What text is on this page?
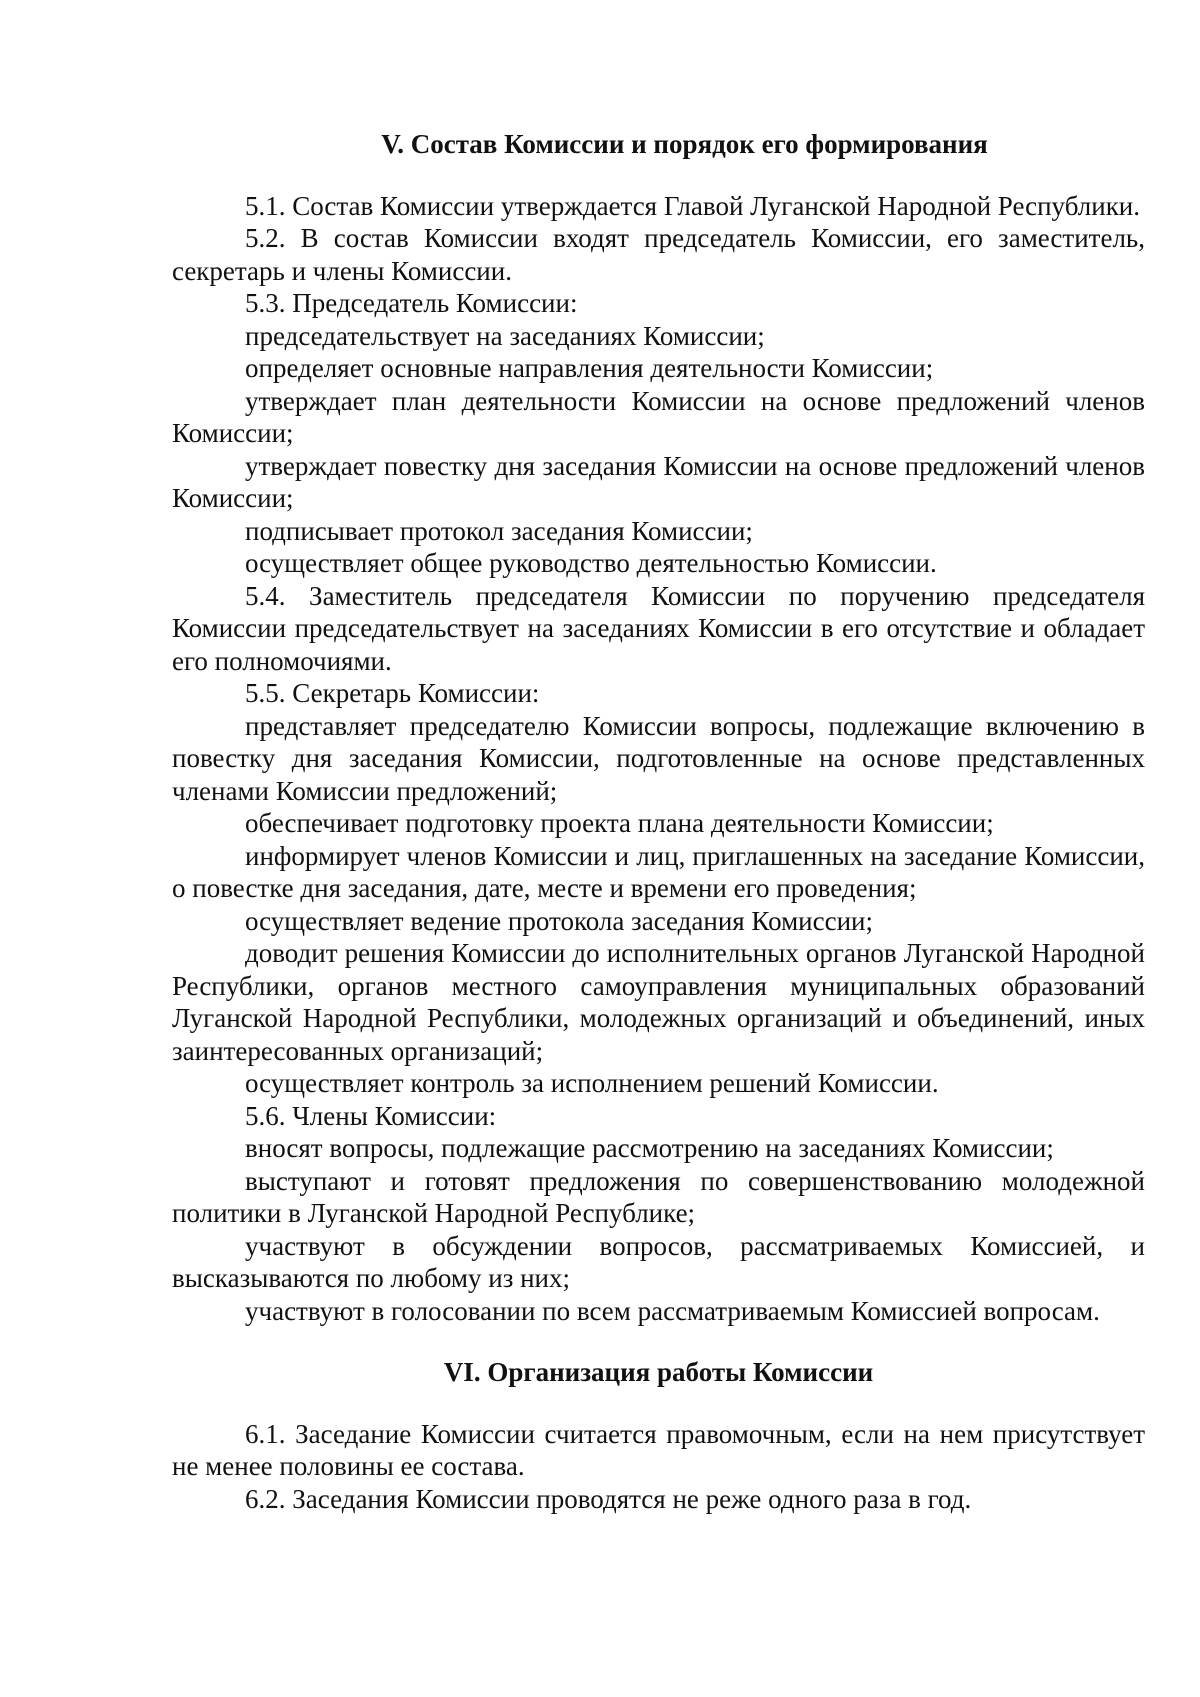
V. Состав Комиссии и порядок его формирования

5.1. Состав Комиссии утверждается Главой Луганской Народной Республики.

5.2. В состав Комиссии входят председатель Комиссии, его заместитель, секретарь и члены Комиссии.

5.3. Председатель Комиссии:

председательствует на заседаниях Комиссии;

определяет основные направления деятельности Комиссии;

утверждает план деятельности Комиссии на основе предложений членов Комиссии;

утверждает повестку дня заседания Комиссии на основе предложений членов Комиссии;

подписывает протокол заседания Комиссии;

осуществляет общее руководство деятельностью Комиссии.

5.4. Заместитель председателя Комиссии по поручению председателя Комиссии председательствует на заседаниях Комиссии в его отсутствие и обладает его полномочиями.

5.5. Секретарь Комиссии:

представляет председателю Комиссии вопросы, подлежащие включению в повестку дня заседания Комиссии, подготовленные на основе представленных членами Комиссии предложений;

обеспечивает подготовку проекта плана деятельности Комиссии;

информирует членов Комиссии и лиц, приглашенных на заседание Комиссии, о повестке дня заседания, дате, месте и времени его проведения;

осуществляет ведение протокола заседания Комиссии;

доводит решения Комиссии до исполнительных органов Луганской Народной Республики, органов местного самоуправления муниципальных образований Луганской Народной Республики, молодежных организаций и объединений, иных заинтересованных организаций;

осуществляет контроль за исполнением решений Комиссии.

5.6. Члены Комиссии:

вносят вопросы, подлежащие рассмотрению на заседаниях Комиссии;

выступают и готовят предложения по совершенствованию молодежной политики в Луганской Народной Республике;

участвуют в обсуждении вопросов, рассматриваемых Комиссией, и высказываются по любому из них;

участвуют в голосовании по всем рассматриваемым Комиссией вопросам.

VI. Организация работы Комиссии

6.1. Заседание Комиссии считается правомочным, если на нем присутствует не менее половины ее состава.

6.2. Заседания Комиссии проводятся не реже одного раза в год.
